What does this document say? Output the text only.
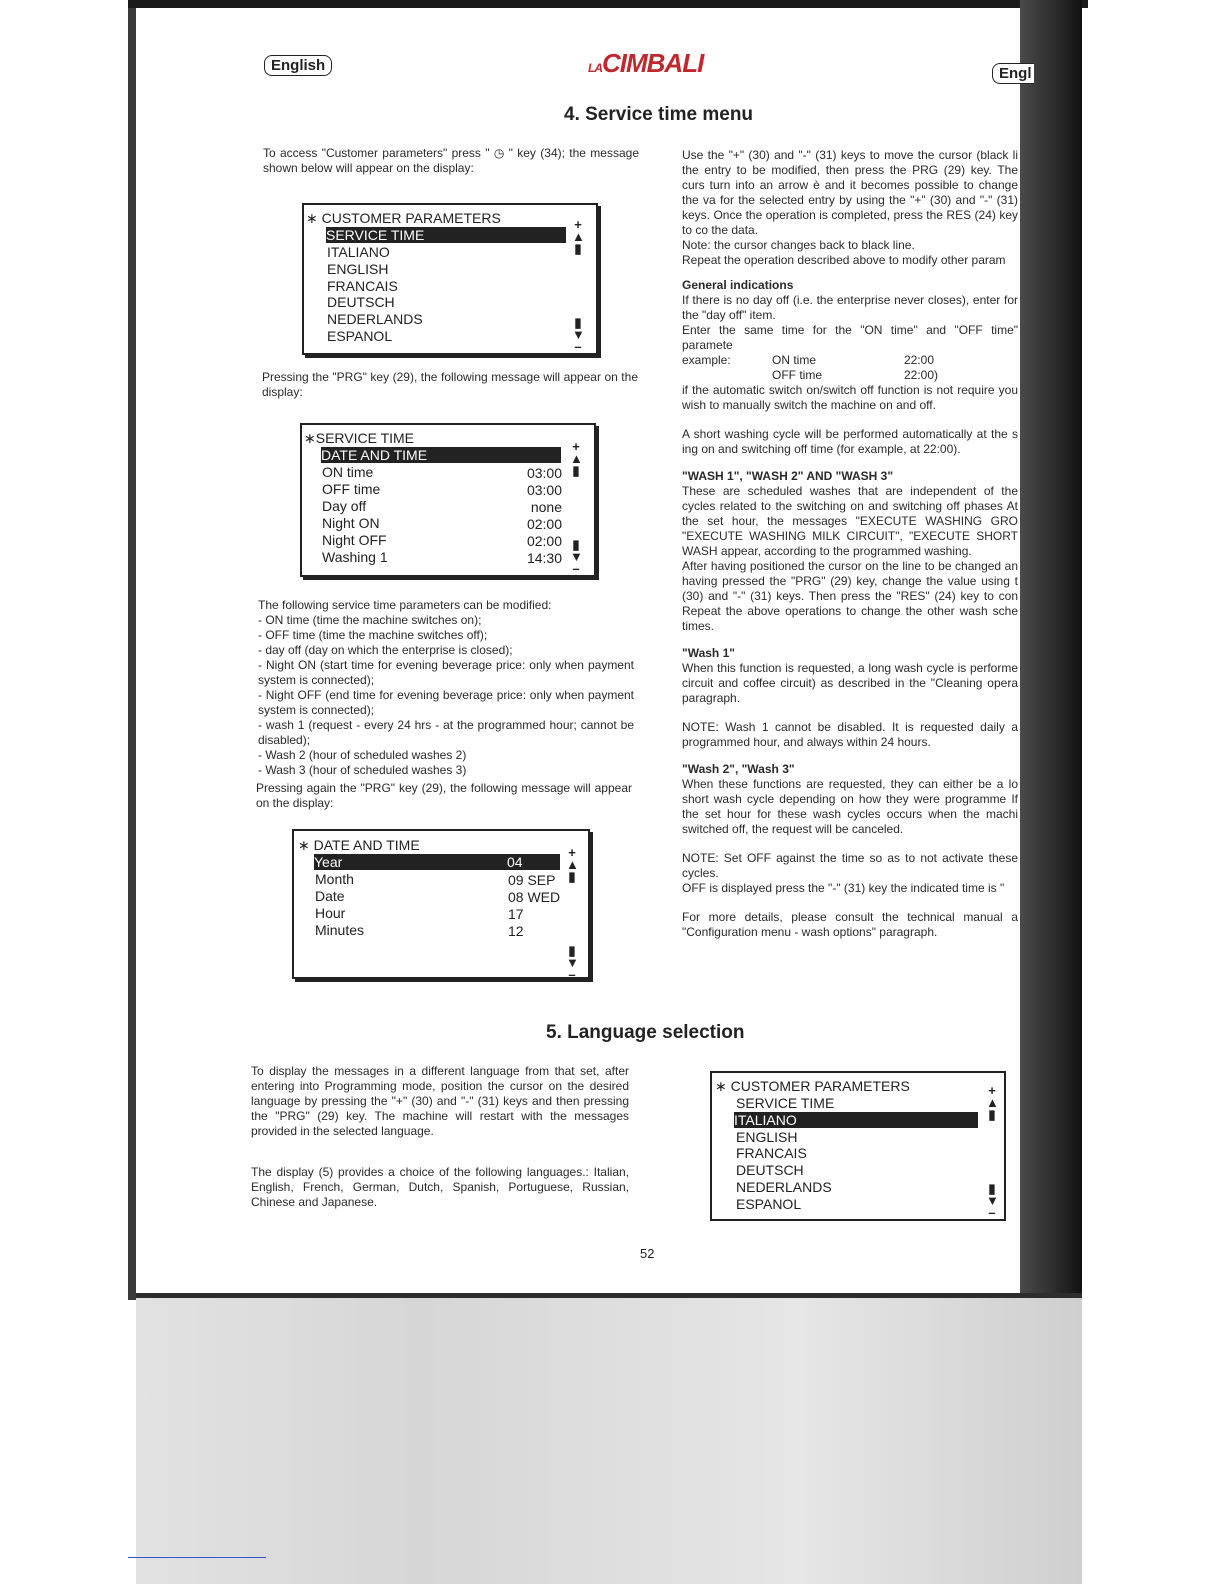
English	Engl
LACIMBALI
4. Service time menu
To access "Customer parameters" press " ◷ " key (34); the message shown below will appear on the display:
∗ CUSTOMER PARAMETERS
SERVICE TIME
ITALIANO
ENGLISH
FRANCAIS
DEUTSCH
NEDERLANDS
ESPANOL
+
▲
▮
▮
▼
–
Pressing the "PRG" key (29), the following message will appear on the display:
∗SERVICE TIME
DATE AND TIME
ON time	03:00
OFF time	03:00
Day off	none
Night ON	02:00
Night OFF	02:00
Washing 1	14:30
+
▲
▮
▮
▼
–

The following service time parameters can be modified:

- ON time (time the machine switches on);

- OFF time (time the machine switches off);

- day off (day on which the enterprise is closed);

- Night ON (start time for evening beverage price: only when payment system is connected);

- Night OFF (end time for evening beverage price: only when payment system is connected);

- wash 1 (request - every 24 hrs - at the programmed hour; cannot be disabled);

- Wash 2 (hour of scheduled washes 2)

- Wash 3 (hour of scheduled washes 3)

Pressing again the "PRG" key (29), the following message will appear on the display:
∗ DATE AND TIME
Year	04
Month	09 SEP
Date	08 WED
Hour	17
Minutes	12
+
▲
▮
▮
▼
–

Use the "+" (30) and "-" (31) keys to move the cursor (black li the entry to be modified, then press the PRG (29) key. The curs turn into an arrow è and it becomes possible to change the va for the selected entry by using the "+" (30) and "-" (31) keys. Once the operation is completed, press the RES (24) key to co the data.

Note: the cursor changes back to black line.

Repeat the operation described above to modify other param

General indications

If there is no day off (i.e. the enterprise never closes), enter for the "day off" item.

Enter the same time for the "ON time" and "OFF time" paramete

example:	ON time	22:00
OFF time	22:00)

if the automatic switch on/switch off function is not require you wish to manually switch the machine on and off.

A short washing cycle will be performed automatically at the s ing on and switching off time (for example, at 22:00).

"WASH 1", "WASH 2" AND "WASH 3"

These are scheduled washes that are independent of the cycles related to the switching on and switching off phases At the set hour, the messages "EXECUTE WASHING GRO "EXECUTE WASHING MILK CIRCUIT", "EXECUTE SHORT WASH appear, according to the programmed washing.

After having positioned the cursor on the line to be changed an having pressed the "PRG" (29) key, change the value using t (30) and "-" (31) keys. Then press the "RES" (24) key to con Repeat the above operations to change the other wash sche times.

"Wash 1"

When this function is requested, a long wash cycle is performe circuit and coffee circuit) as described in the "Cleaning opera paragraph.

NOTE: Wash 1 cannot be disabled. It is requested daily a programmed hour, and always within 24 hours.

"Wash 2", "Wash 3"

When these functions are requested, they can either be a lo short wash cycle depending on how they were programme If the set hour for these wash cycles occurs when the machi switched off, the request will be canceled.

NOTE: Set OFF against the time so as to not activate these cycles.

OFF is displayed press the "-" (31) key the indicated time is "

For more details, please consult the technical manual a "Configuration menu - wash options" paragraph.

5. Language selection
To display the messages in a different language from that set, after entering into Programming mode, position the cursor on the desired language by pressing the "+" (30) and "-" (31) keys and then pressing the "PRG" (29) key. The machine will restart with the messages provided in the selected language.
The display (5) provides a choice of the following languages.: Italian, English, French, German, Dutch, Spanish, Portuguese, Russian, Chinese and Japanese.
∗ CUSTOMER PARAMETERS
SERVICE TIME
ITALIANO
ENGLISH
FRANCAIS
DEUTSCH
NEDERLANDS
ESPANOL
+
▲
▮
▮
▼
–
52
